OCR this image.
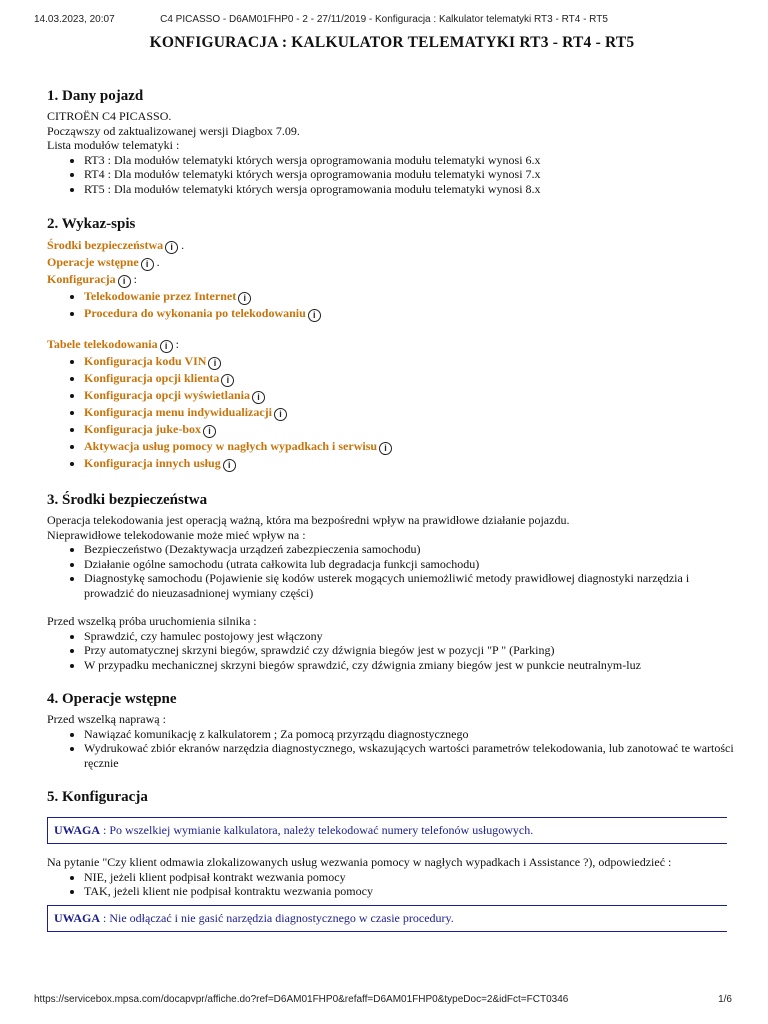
14.03.2023, 20:07	C4 PICASSO - D6AM01FHP0 - 2 - 27/11/2019 - Konfiguracja : Kalkulator telematyki RT3 - RT4 - RT5
KONFIGURACJA : KALKULATOR TELEMATYKI RT3 - RT4 - RT5
1. Dany pojazd

CITROËN C4 PICASSO.

Począwszy od zaktualizowanej wersji Diagbox 7.09.

Lista modułów telematyki :

• RT3 : Dla modułów telematyki których wersja oprogramowania modułu telematyki wynosi 6.x
• RT4 : Dla modułów telematyki których wersja oprogramowania modułu telematyki wynosi 7.x
• RT5 : Dla modułów telematyki których wersja oprogramowania modułu telematyki wynosi 8.x
2. Wykaz-spis
Środki bezpieczeństwa i .
Operacje wstępne i .
Konfiguracja i :
• Telekodowanie przez Internet i
• Procedura do wykonania po telekodowaniu i
Tabele telekodowania i :
• Konfiguracja kodu VIN i
• Konfiguracja opcji klienta i
• Konfiguracja opcji wyświetlania i
• Konfiguracja menu indywidualizacji i
• Konfiguracja juke-box i
• Aktywacja usług pomocy w nagłych wypadkach i serwisu i
• Konfiguracja innych usług i
3. Środki bezpieczeństwa

Operacja telekodowania jest operacją ważną, która ma bezpośredni wpływ na prawidłowe działanie pojazdu.

Nieprawidłowe telekodowanie może mieć wpływ na :

• Bezpieczeństwo (Dezaktywacja urządzeń zabezpieczenia samochodu)
• Działanie ogólne samochodu (utrata całkowita lub degradacja funkcji samochodu)
• Diagnostykę samochodu (Pojawienie się kodów usterek mogących uniemożliwić metody prawidłowej diagnostyki narzędzia i prowadzić do nieuzasadnionej wymiany części)

Przed wszelką próba uruchomienia silnika :

• Sprawdzić, czy hamulec postojowy jest włączony
• Przy automatycznej skrzyni biegów, sprawdzić czy dźwignia biegów jest w pozycji "P " (Parking)
• W przypadku mechanicznej skrzyni biegów sprawdzić, czy dźwignia zmiany biegów jest w punkcie neutralnym-luz
4. Operacje wstępne

Przed wszelką naprawą :

• Nawiązać komunikację z kalkulatorem ; Za pomocą przyrządu diagnostycznego
• Wydrukować zbiór ekranów narzędzia diagnostycznego, wskazujących wartości parametrów telekodowania, lub zanotować te wartości ręcznie
5. Konfiguracja
UWAGA : Po wszelkiej wymianie kalkulatora, należy telekodować numery telefonów usługowych.

Na pytanie "Czy klient odmawia zlokalizowanych usług wezwania pomocy w nagłych wypadkach i Assistance ?), odpowiedzieć :

• NIE, jeżeli klient podpisał kontrakt wezwania pomocy
• TAK, jeżeli klient nie podpisał kontraktu wezwania pomocy
UWAGA : Nie odłączać i nie gasić narzędzia diagnostycznego w czasie procedury.
https://servicebox.mpsa.com/docapvpr/affiche.do?ref=D6AM01FHP0&refaff=D6AM01FHP0&typeDoc=2&idFct=FCT0346	1/6
